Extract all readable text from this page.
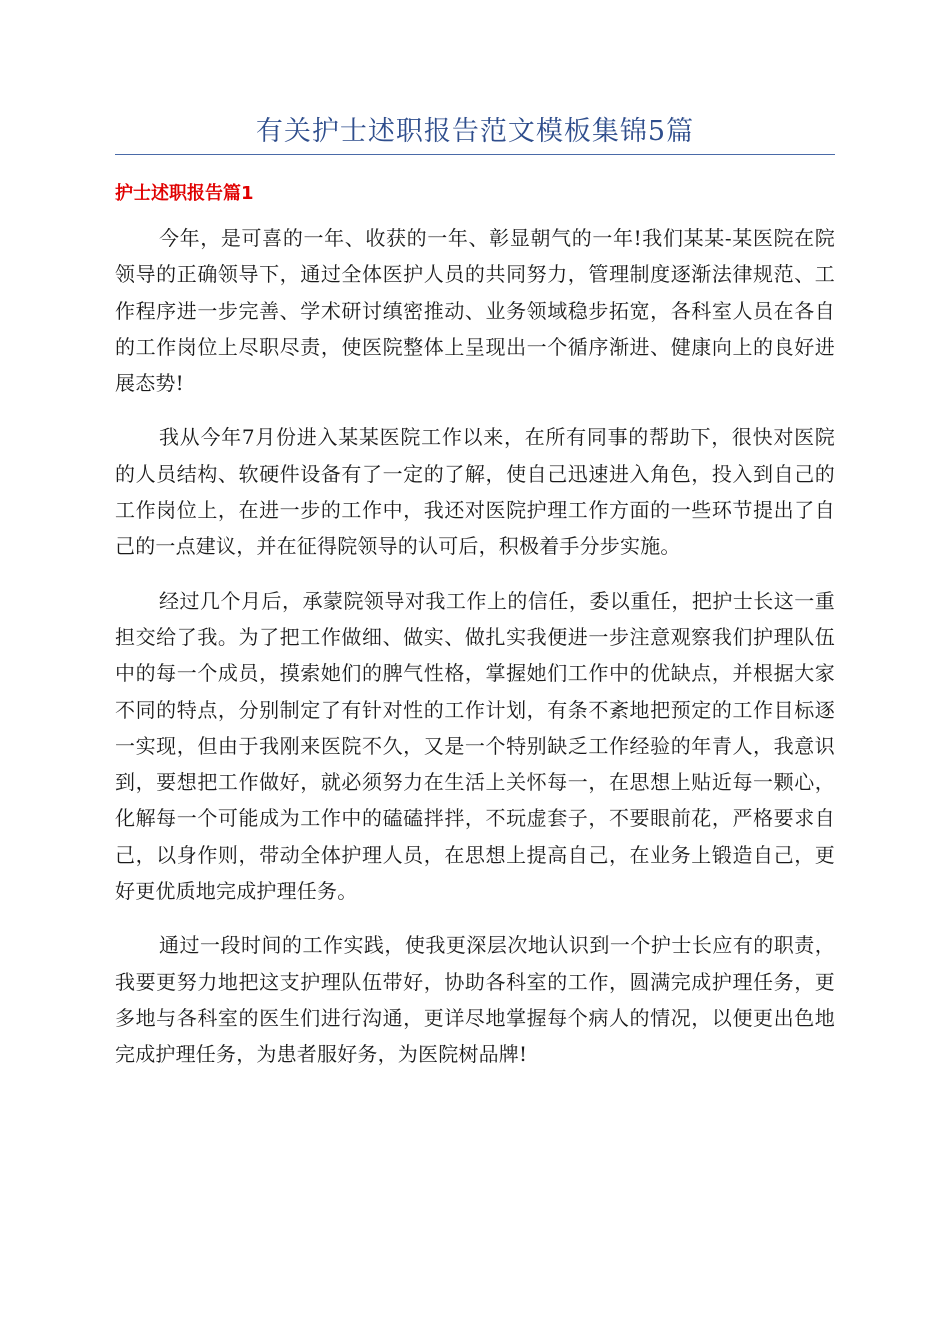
有关护士述职报告范文模板集锦5篇
护士述职报告篇1

今年，是可喜的一年、收获的一年、彰显朝气的一年!我们某某-某医院在院领导的正确领导下，通过全体医护人员的共同努力，管理制度逐渐法律规范、工作程序进一步完善、学术研讨缜密推动、业务领域稳步拓宽，各科室人员在各自的工作岗位上尽职尽责，使医院整体上呈现出一个循序渐进、健康向上的良好进展态势!

我从今年7月份进入某某医院工作以来，在所有同事的帮助下，很快对医院的人员结构、软硬件设备有了一定的了解，使自己迅速进入角色，投入到自己的工作岗位上，在进一步的工作中，我还对医院护理工作方面的一些环节提出了自己的一点建议，并在征得院领导的认可后，积极着手分步实施。

经过几个月后，承蒙院领导对我工作上的信任，委以重任，把护士长这一重担交给了我。为了把工作做细、做实、做扎实我便进一步注意观察我们护理队伍中的每一个成员，摸索她们的脾气性格，掌握她们工作中的优缺点，并根据大家不同的特点，分别制定了有针对性的工作计划，有条不紊地把预定的工作目标逐一实现，但由于我刚来医院不久，又是一个特别缺乏工作经验的年青人，我意识到，要想把工作做好，就必须努力在生活上关怀每一，在思想上贴近每一颗心，化解每一个可能成为工作中的磕磕拌拌，不玩虚套子，不要眼前花，严格要求自己，以身作则，带动全体护理人员，在思想上提高自己，在业务上锻造自己，更好更优质地完成护理任务。

通过一段时间的工作实践，使我更深层次地认识到一个护士长应有的职责，我要更努力地把这支护理队伍带好，协助各科室的工作，圆满完成护理任务，更多地与各科室的医生们进行沟通，更详尽地掌握每个病人的情况，以便更出色地完成护理任务，为患者服好务，为医院树品牌!
